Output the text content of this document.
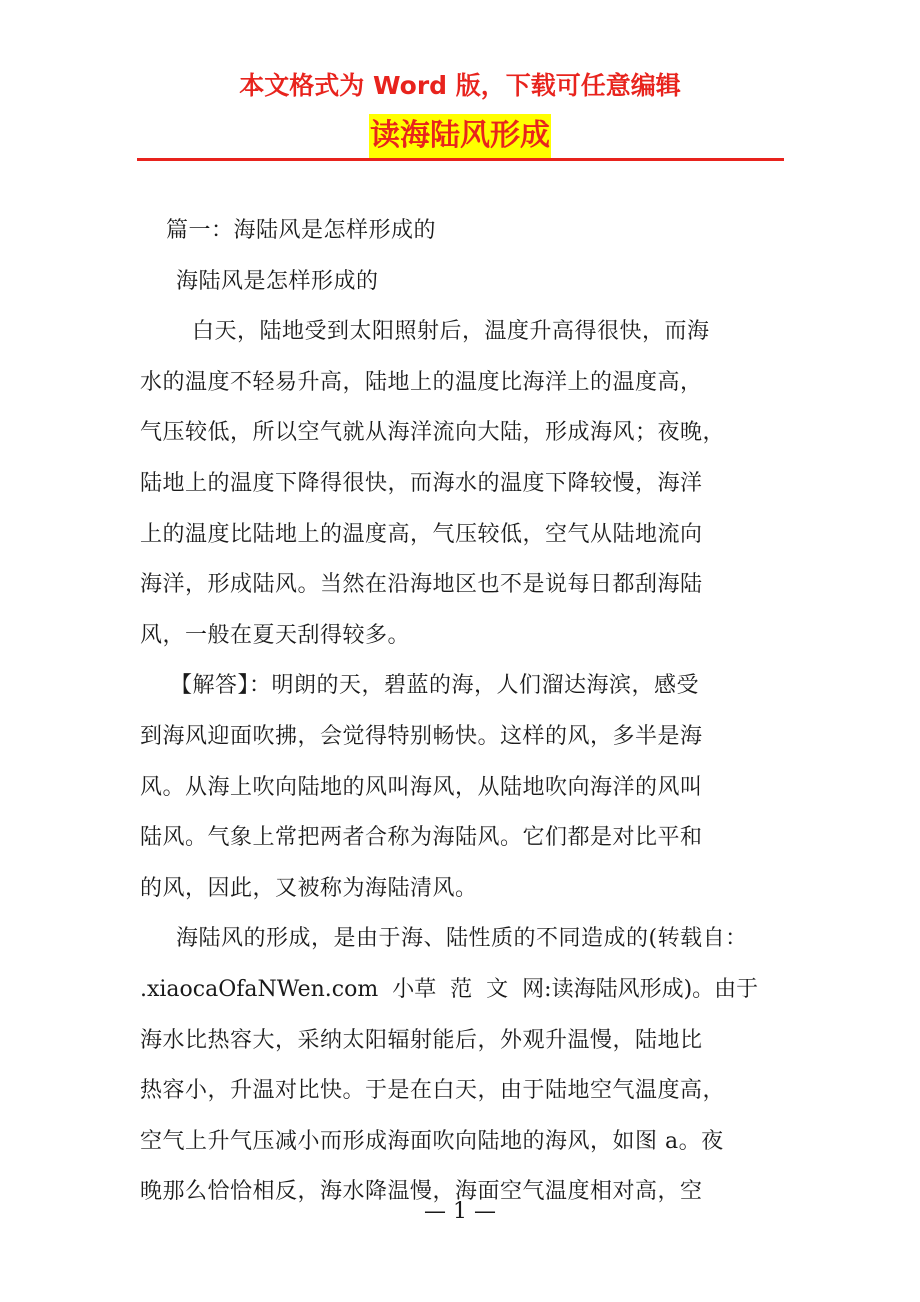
本文格式为 Word 版，下载可任意编辑
读海陆风形成
篇一：海陆风是怎样形成的
海陆风是怎样形成的
白天，陆地受到太阳照射后，温度升高得很快，而海
水的温度不轻易升高，陆地上的温度比海洋上的温度高，
气压较低，所以空气就从海洋流向大陆，形成海风；夜晚，
陆地上的温度下降得很快，而海水的温度下降较慢，海洋
上的温度比陆地上的温度高，气压较低，空气从陆地流向
海洋，形成陆风。当然在沿海地区也不是说每日都刮海陆
风，一般在夏天刮得较多。
【解答】：明朗的天，碧蓝的海，人们溜达海滨，感受
到海风迎面吹拂，会觉得特别畅快。这样的风，多半是海
风。从海上吹向陆地的风叫海风，从陆地吹向海洋的风叫
陆风。气象上常把两者合称为海陆风。它们都是对比平和
的风，因此，又被称为海陆清风。
海陆风的形成，是由于海、陆性质的不同造成的(转载自：
.xiaocaOfaNWen.com  小草  范  文  网:读海陆风形成)。由于
海水比热容大，采纳太阳辐射能后，外观升温慢，陆地比
热容小，升温对比快。于是在白天，由于陆地空气温度高，
空气上升气压减小而形成海面吹向陆地的海风，如图 a。夜
晚那么恰恰相反，海水降温慢，海面空气温度相对高，空
— 1 —
